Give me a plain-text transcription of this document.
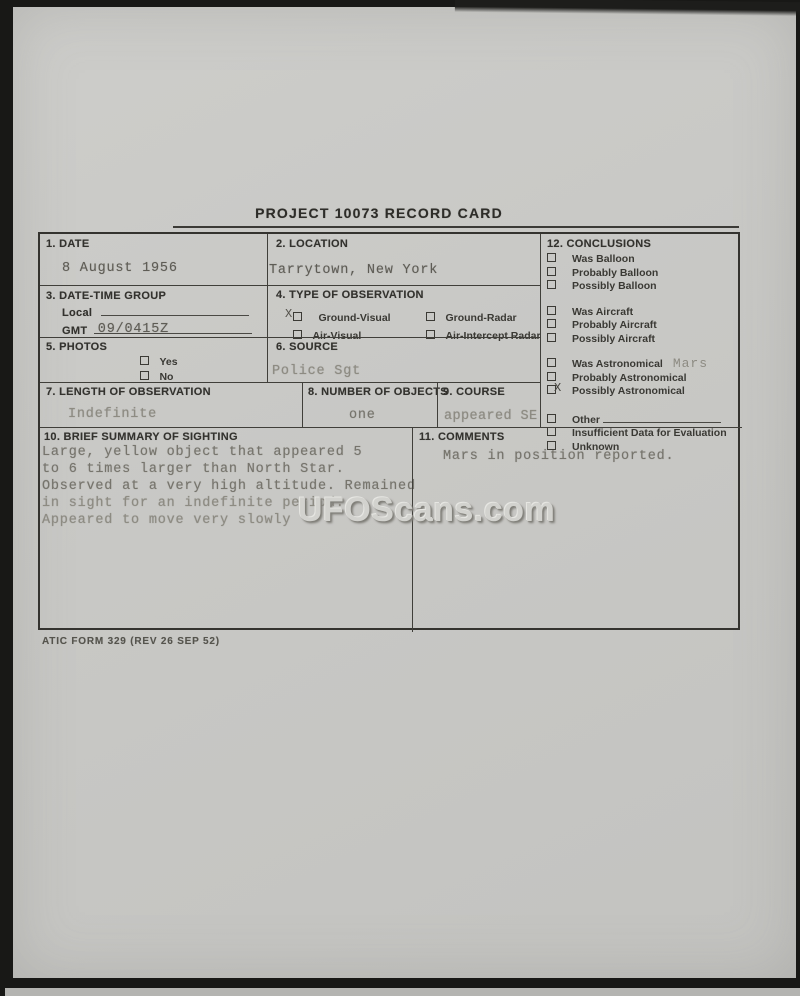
PROJECT 10073 RECORD CARD
1. DATE
8 August 1956
2. LOCATION
Tarrytown, New York
3. DATE-TIME GROUP
Local
GMT 09/0415Z
4. TYPE OF OBSERVATION
X	Ground-Visual	Ground-Radar
Air-Visual	Air-Intercept Radar
5. PHOTOS
Yes
No
6. SOURCE
Police Sgt
7. LENGTH OF OBSERVATION
Indefinite
8. NUMBER OF OBJECTS
one
9. COURSE
appeared SE
12. CONCLUSIONS
Was Balloon
Probably Balloon
Possibly Balloon
Was Aircraft
Probably Aircraft
Possibly Aircraft
Was Astronomical Mars
Probably Astronomical
X Possibly Astronomical
Other
Insufficient Data for Evaluation
Unknown
10. BRIEF SUMMARY OF SIGHTING
Large, yellow object that appeared 5
to 6 times larger than North Star.
Observed at a very high altitude. Remained
in sight for an indefinite period.
Appeared to move very slowly
11. COMMENTS
Mars in position reported.
UFOScans.com
ATIC FORM 329 (REV 26 SEP 52)
